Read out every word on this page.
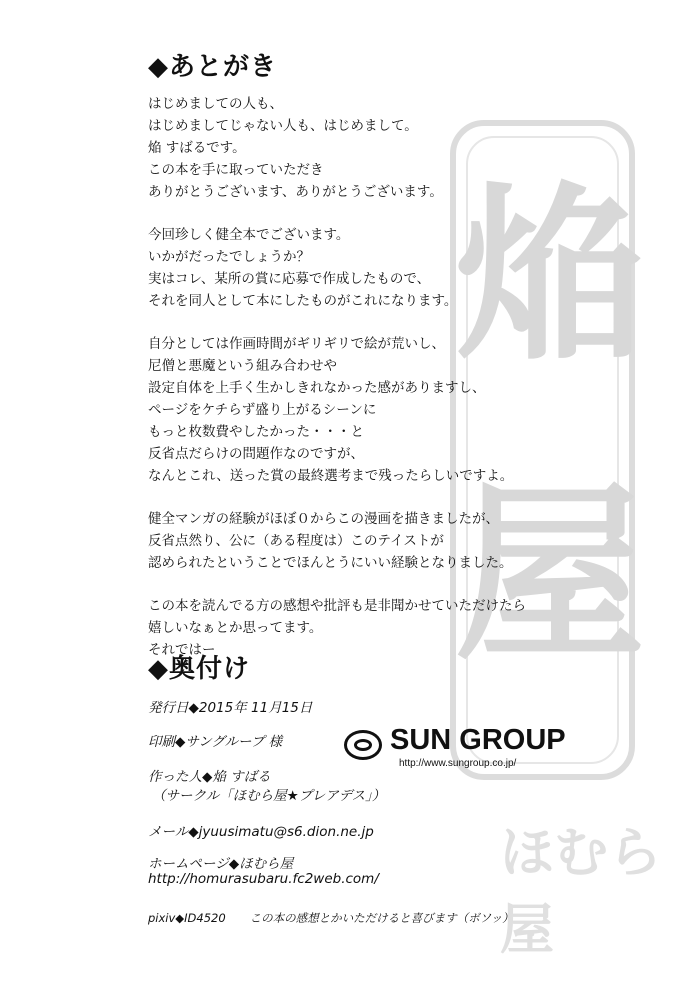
焔
屋
ほむら屋
◆あとがき
はじめましての人も、
はじめましてじゃない人も、はじめまして。
焔 すばるです。
この本を手に取っていただき
ありがとうございます、ありがとうございます。
今回珍しく健全本でございます。
いかがだったでしょうか？
実はコレ、某所の賞に応募で作成したもので、
それを同人として本にしたものがこれになります。
自分としては作画時間がギリギリで絵が荒いし、
尼僧と悪魔という組み合わせや
設定自体を上手く生かしきれなかった感がありますし、
ページをケチらず盛り上がるシーンに
もっと枚数費やしたかった・・・と
反省点だらけの問題作なのですが、
なんとこれ、送った賞の最終選考まで残ったらしいですよ。
健全マンガの経験がほぼ０からこの漫画を描きましたが、
反省点然り、公に（ある程度は）このテイストが
認められたということでほんとうにいい経験となりました。
この本を読んでる方の感想や批評も是非聞かせていただけたら
嬉しいなぁとか思ってます。
それではー
◆奥付け
発行日◆2015年 11月15日
印刷◆サングループ 様
作った人◆焔 すばる
（サークル「ほむら屋★プレアデス」）
メール◆jyuusimatu@s6.dion.ne.jp
ホームページ◆ほむら屋
http://homurasubaru.fc2web.com/
SUN GROUP
http://www.sungroup.co.jp/
pixiv◆ID4520 この本の感想とかいただけると喜びます（ボソッ）
